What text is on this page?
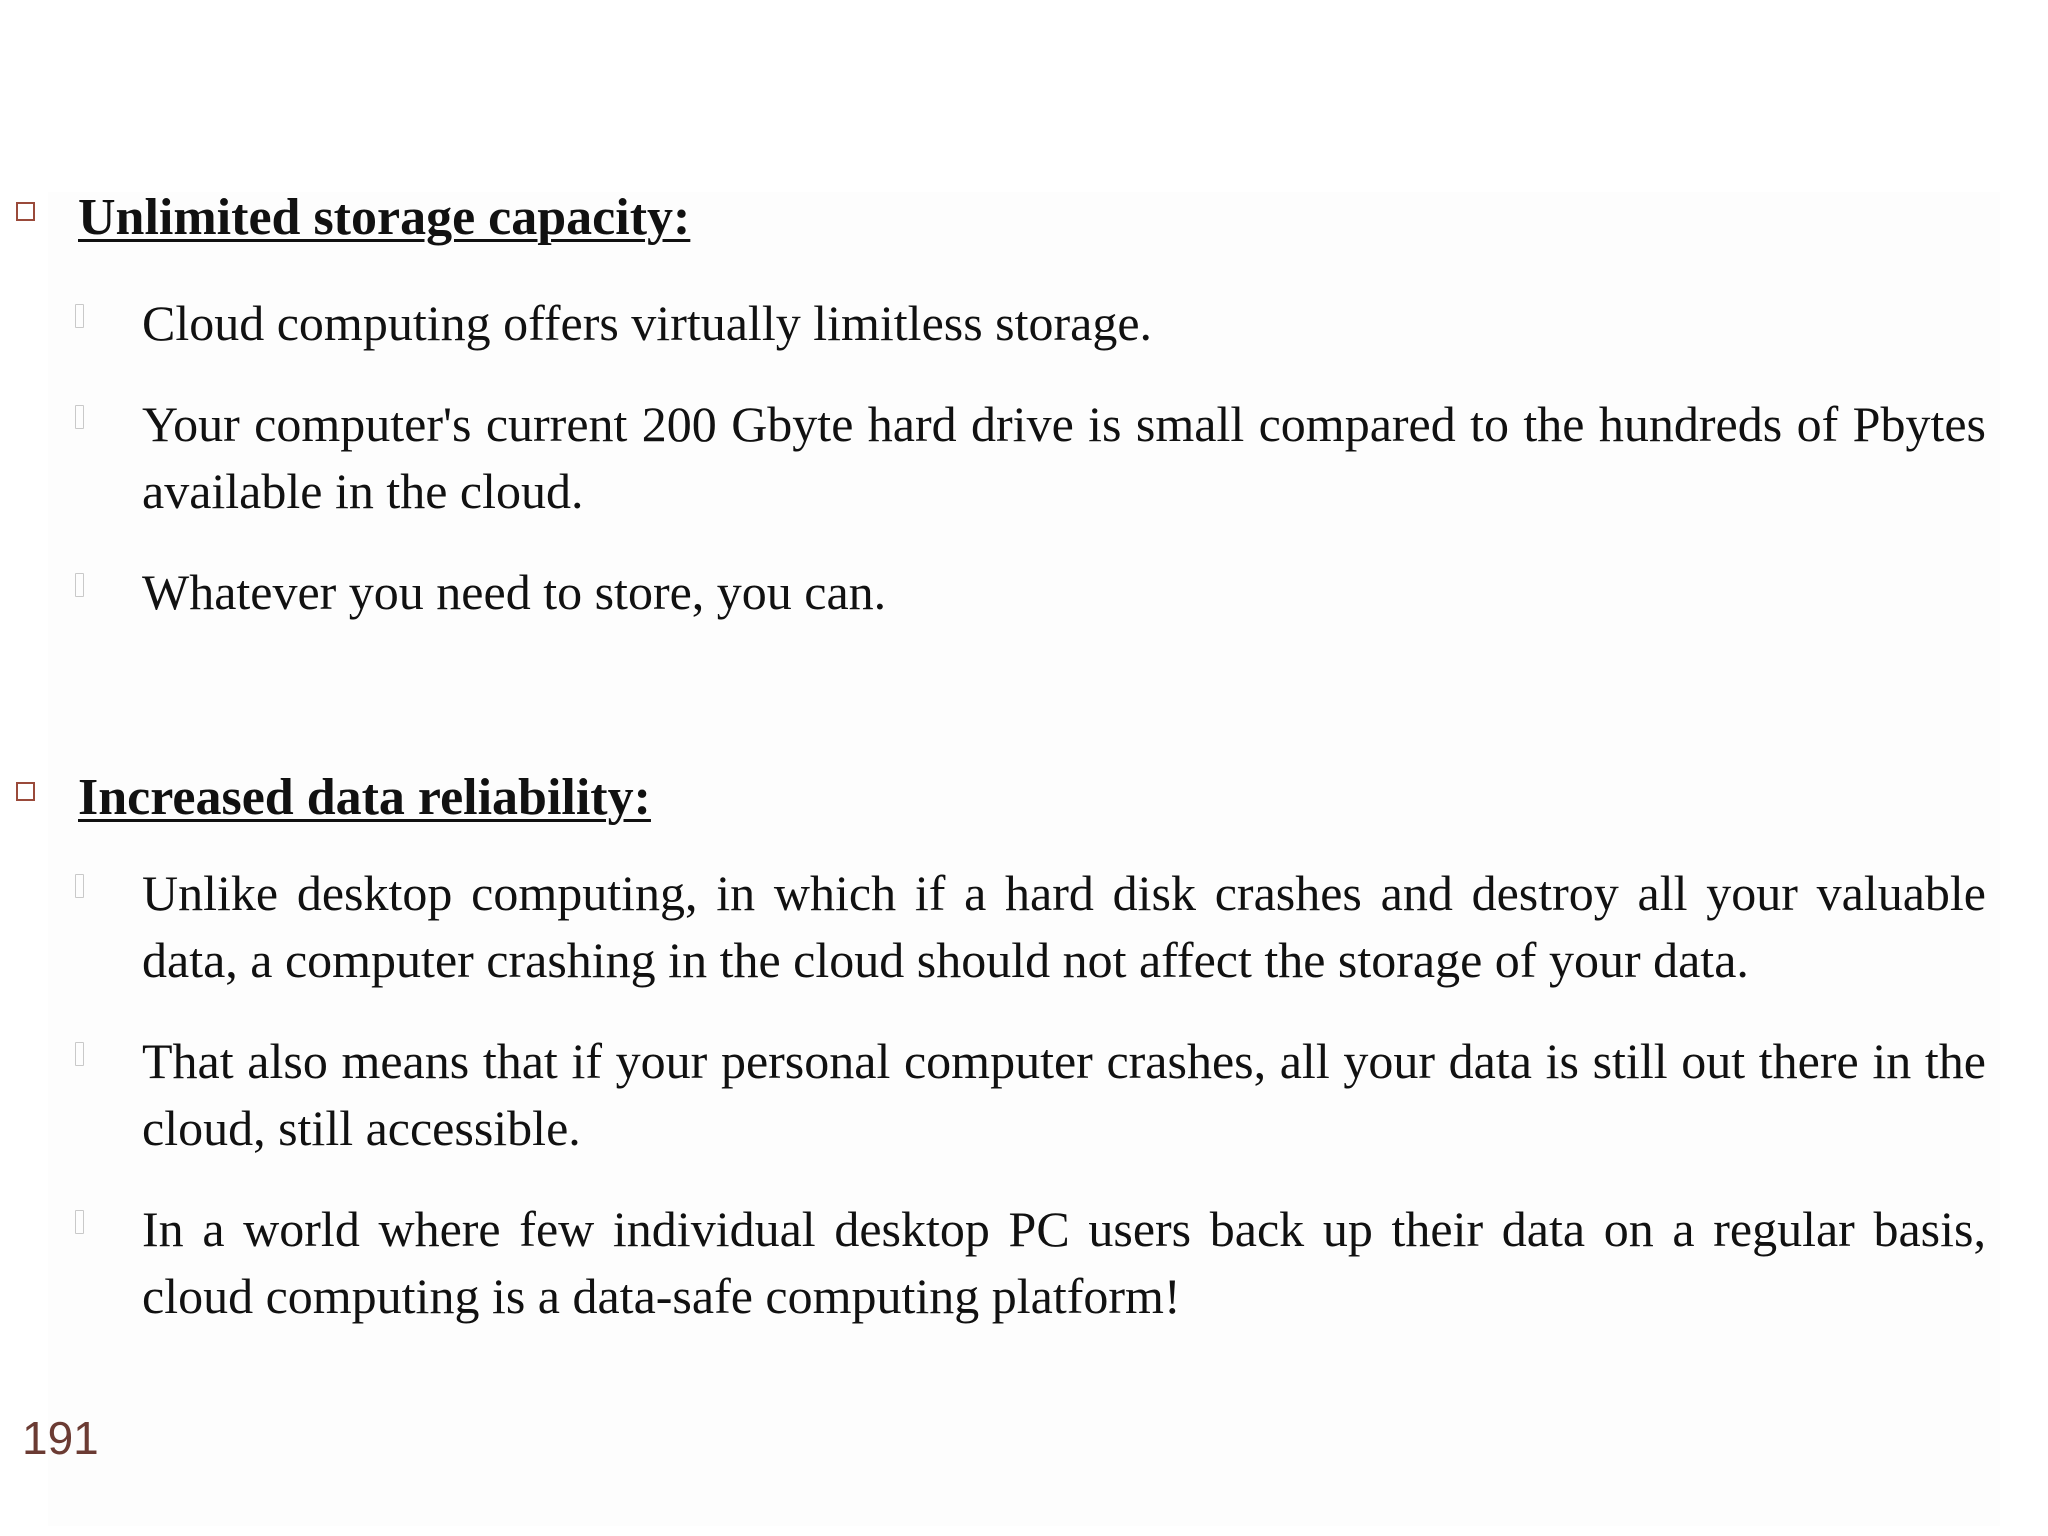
Unlimited storage capacity:
Cloud computing offers virtually limitless storage.
Your computer's current 200 Gbyte hard drive is small compared to the hundreds of Pbytes available in the cloud.
Whatever you need to store, you can.
Increased data reliability:
Unlike desktop computing, in which if a hard disk crashes and destroy all your valuable data, a computer crashing in the cloud should not affect the storage of your data.
That also means that if your personal computer crashes, all your data is still out there in the cloud, still accessible.
In a world where few individual desktop PC users back up their data on a regular basis, cloud computing is a data-safe computing platform!
191
